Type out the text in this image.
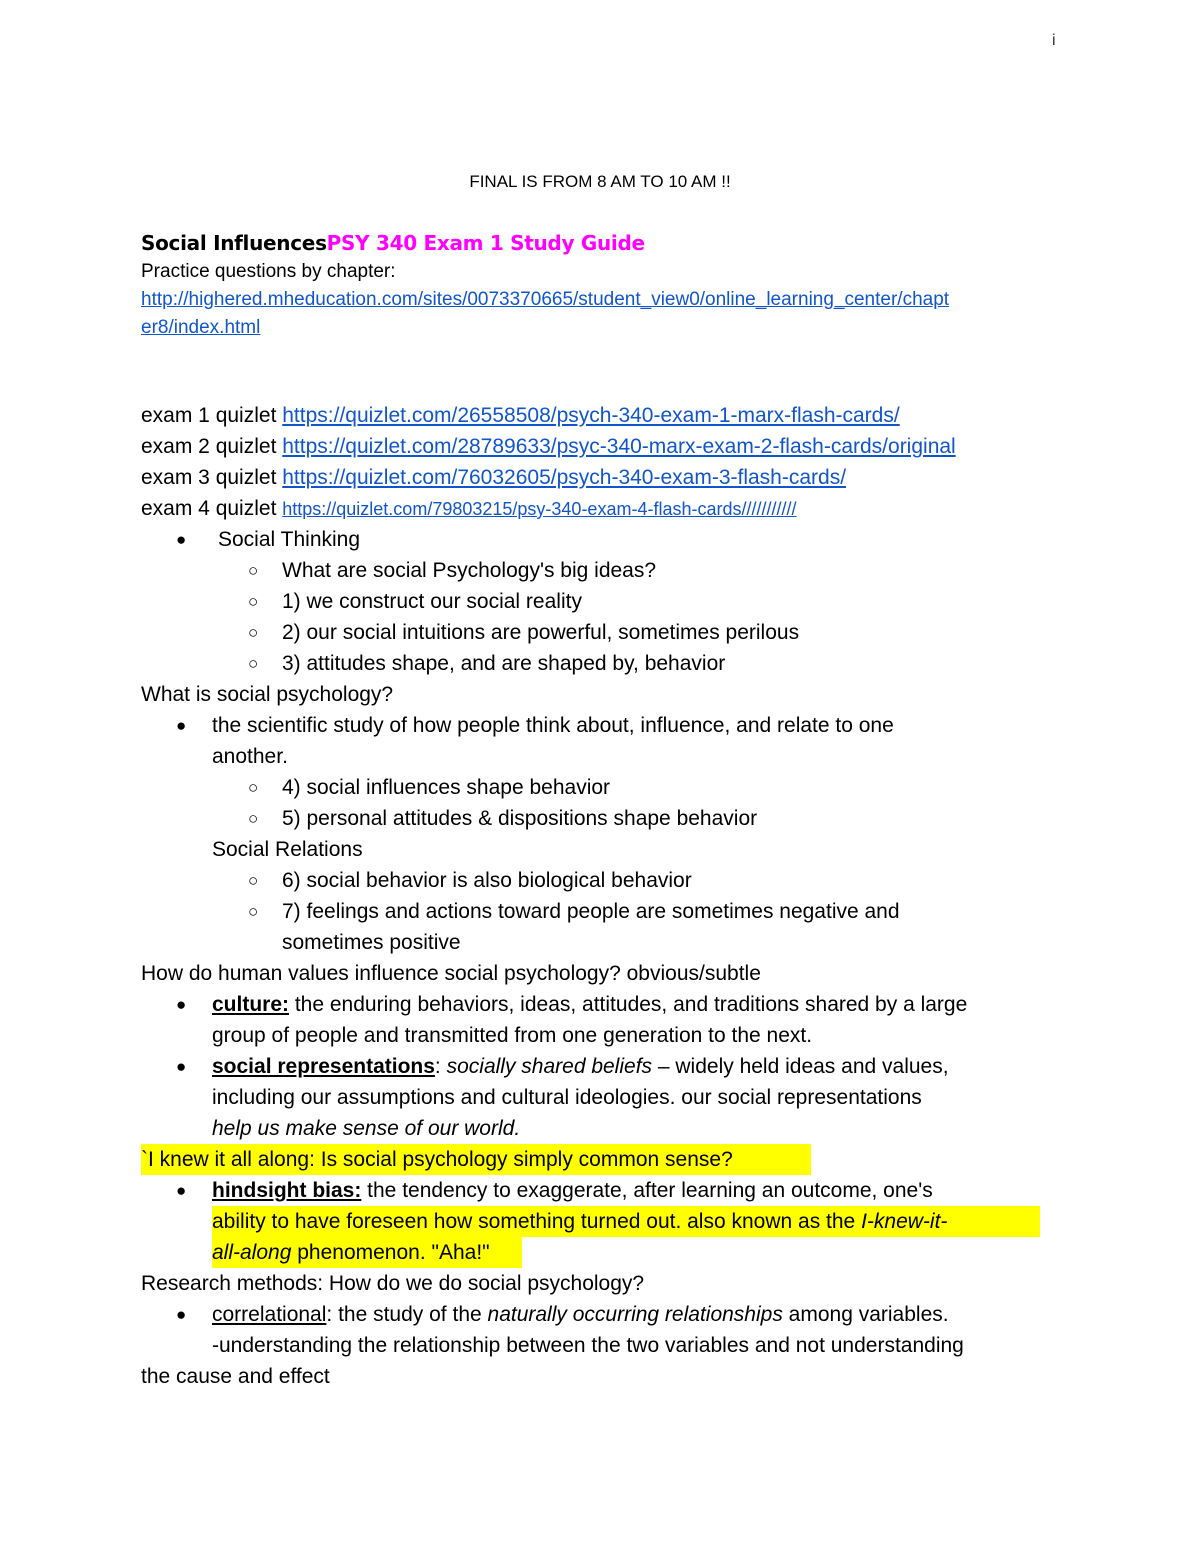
i
FINAL IS FROM 8 AM TO 10 AM !!
Social InfluencesPSY 340 Exam 1 Study Guide
Practice questions by chapter:
http://highered.mheducation.com/sites/0073370665/student_view0/online_learning_center/chapt
er8/index.html
exam 1 quizlet https://quizlet.com/26558508/psych-340-exam-1-marx-flash-cards/
exam 2 quizlet https://quizlet.com/28789633/psyc-340-marx-exam-2-flash-cards/original
exam 3 quizlet https://quizlet.com/76032605/psych-340-exam-3-flash-cards/
exam 4 quizlet https://quizlet.com/79803215/psy-340-exam-4-flash-cards///////////
● Social Thinking
○ What are social Psychology's big ideas?
○ 1) we construct our social reality
○ 2) our social intuitions are powerful, sometimes perilous
○ 3) attitudes shape, and are shaped by, behavior
What is social psychology?
● the scientific study of how people think about, influence, and relate to one
another.
○ 4) social influences shape behavior
○ 5) personal attitudes & dispositions shape behavior
Social Relations
○ 6) social behavior is also biological behavior
○ 7) feelings and actions toward people are sometimes negative and
sometimes positive
How do human values influence social psychology? obvious/subtle
● culture: the enduring behaviors, ideas, attitudes, and traditions shared by a large
group of people and transmitted from one generation to the next.
● social representations: socially shared beliefs – widely held ideas and values,
including our assumptions and cultural ideologies. our social representations
help us make sense of our world.
`I knew it all along: Is social psychology simply common sense?
● hindsight bias: the tendency to exaggerate, after learning an outcome, one's
ability to have foreseen how something turned out. also known as the I-knew-it-
all-along phenomenon. "Aha!"
Research methods: How do we do social psychology?
● correlational: the study of the naturally occurring relationships among variables.
-understanding the relationship between the two variables and not understanding
the cause and effect
